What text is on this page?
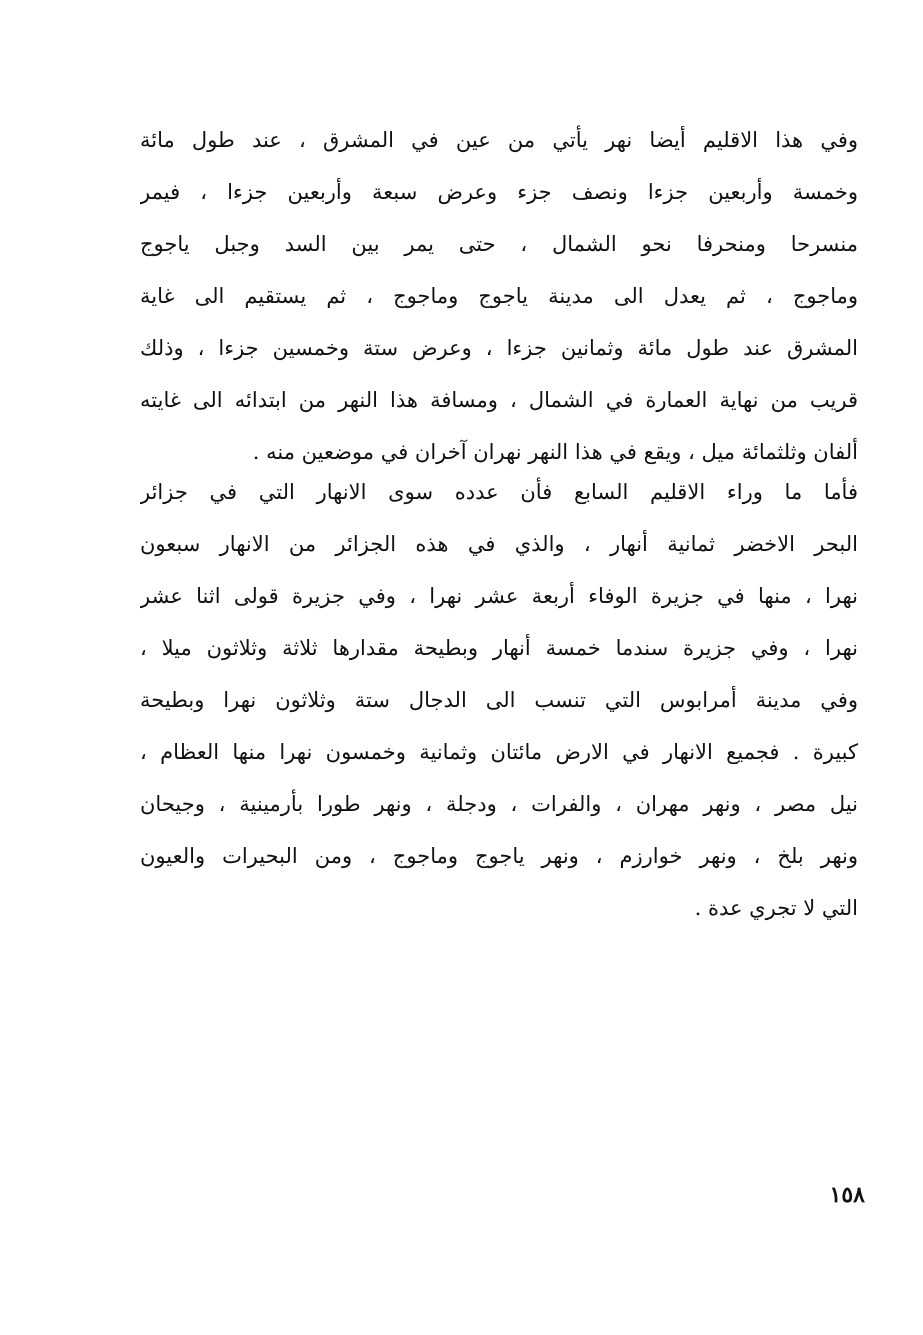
وفي هذا الاقليم أيضا نهر يأتي من عين في المشرق ، عند طول مائة
وخمسة وأربعين جزءا ونصف جزء وعرض سبعة وأربعين جزءا ، فيمر
منسرحا ومنحرفا نحو الشمال ، حتى يمر بين السد وجبل ياجوج
وماجوج ، ثم يعدل الى مدينة ياجوج وماجوج ، ثم يستقيم الى غاية
المشرق عند طول مائة وثمانين جزءا ، وعرض ستة وخمسين جزءا ، وذلك
قريب من نهاية العمارة في الشمال ، ومسافة هذا النهر من ابتدائه الى غايته
ألفان وثلثمائة ميل ، ويقع في هذا النهر نهران آخران في موضعين منه .
فأما ما وراء الاقليم السابع فأن عدده سوى الانهار التي في جزائر
البحر الاخضر ثمانية أنهار ، والذي في هذه الجزائر من الانهار سبعون
نهرا ، منها في جزيرة الوفاء أربعة عشر نهرا ، وفي جزيرة قولى اثنا عشر
نهرا ، وفي جزيرة سندما خمسة أنهار وبطيحة مقدارها ثلاثة وثلاثون ميلا ،
وفي مدينة أمرابوس التي تنسب الى الدجال ستة وثلاثون نهرا وبطيحة
كبيرة . فجميع الانهار في الارض مائتان وثمانية وخمسون نهرا منها العظام ،
نيل مصر ، ونهر مهران ، والفرات ، ودجلة ، ونهر طورا بأرمينية ، وجيحان
ونهر بلخ ، ونهر خوارزم ، ونهر ياجوج وماجوج ، ومن البحيرات والعيون
التي لا تجري عدة .
١٥٨
